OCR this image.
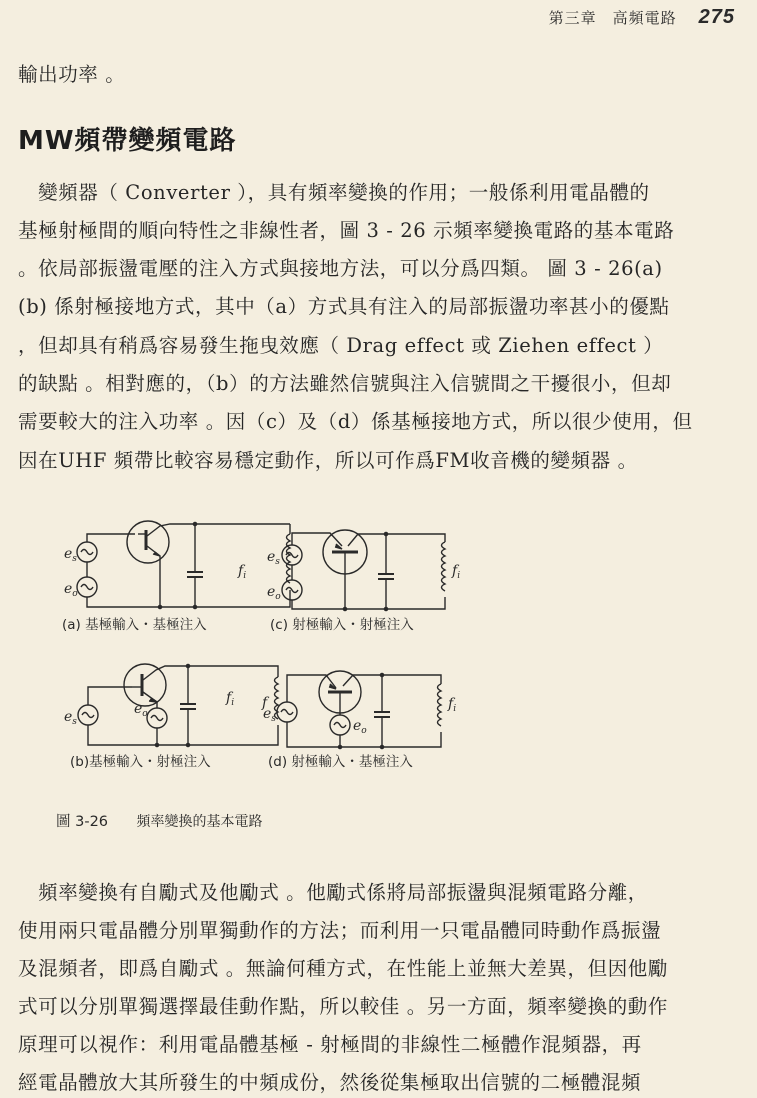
第三章　高頻電路 275
輸出功率 。
MW頻帶變頻電路
　變頻器（ Converter ），具有頻率變換的作用；一般係利用電晶體的
基極射極間的順向特性之非線性者，圖 3 - 26 示頻率變換電路的基本電路
。依局部振盪電壓的注入方式與接地方法，可以分爲四類。 圖 3 - 26(a)
(b) 係射極接地方式，其中（a）方式具有注入的局部振盪功率甚小的優點
，但却具有稍爲容易發生拖曳效應（ Drag effect 或 Ziehen effect ）
的缺點 。相對應的，（b）的方法雖然信號與注入信號間之干擾很小，但却
需要較大的注入功率 。因（c）及（d）係基極接地方式，所以很少使用，但
因在UHF 頻帶比較容易穩定動作，所以可作爲FM收音機的變頻器 。
$e_s$
$e_o$
$f_i$
$e_s$
$e_o$
$f_i$
$e_s$
$e_o$
f
$f_i$
$e_s$	$e_o$
$f_i$
(a) 基極輸入・基極注入	(c) 射極輸入・射極注入
(b)基極輸入・射極注入	(d) 射極輸入・基極注入
圖 3-26 頻率變換的基本電路
　頻率變換有自勵式及他勵式 。他勵式係將局部振盪與混頻電路分離，
使用兩只電晶體分別單獨動作的方法；而利用一只電晶體同時動作爲振盪
及混頻者，即爲自勵式 。無論何種方式，在性能上並無大差異，但因他勵
式可以分別單獨選擇最佳動作點，所以較佳 。另一方面，頻率變換的動作
原理可以視作：利用電晶體基極 - 射極間的非線性二極體作混頻器，再
經電晶體放大其所發生的中頻成份，然後從集極取出信號的二極體混頻
